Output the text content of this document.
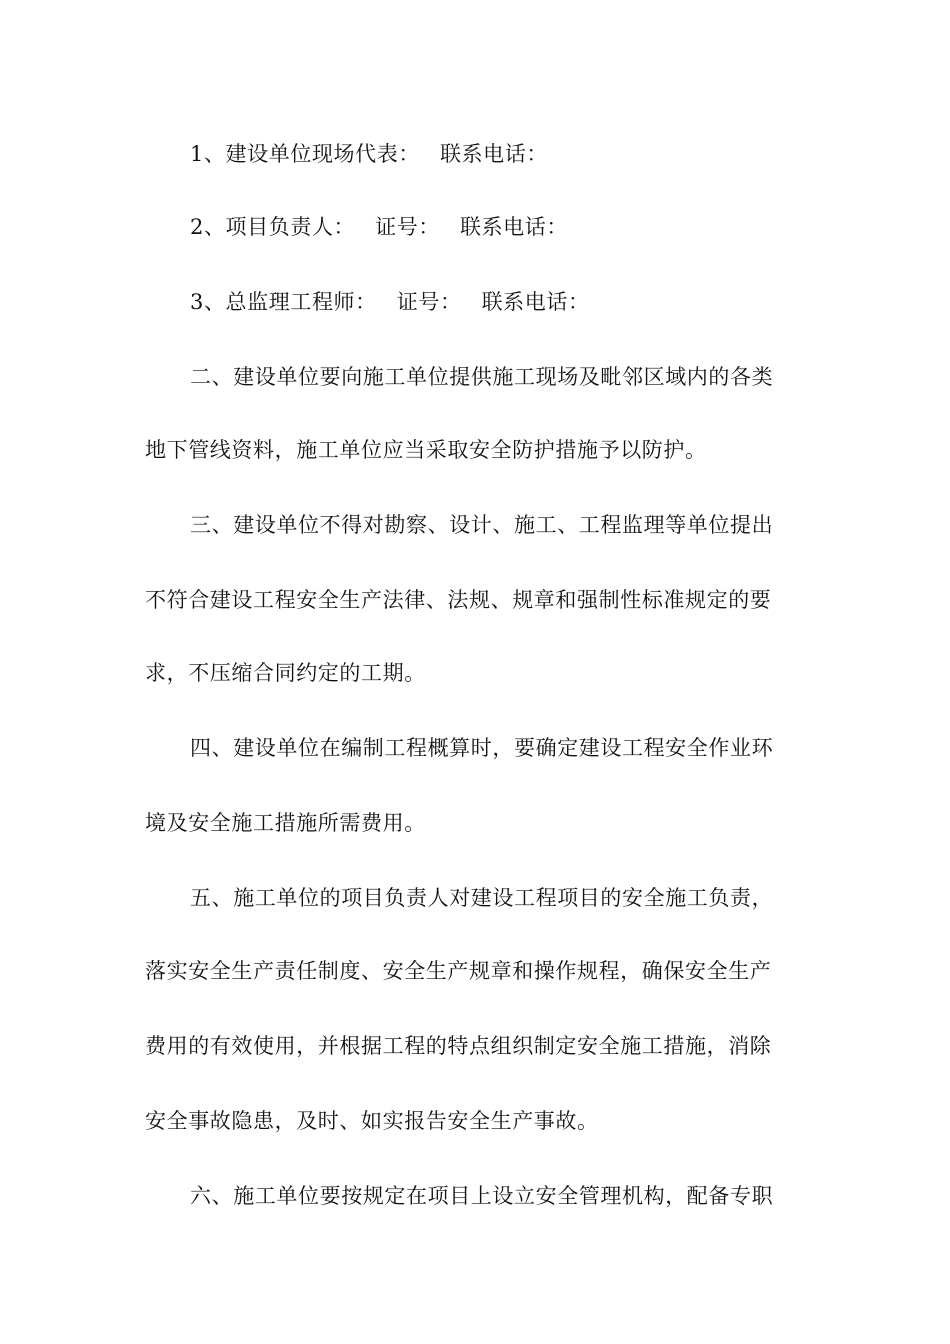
1、建设单位现场代表： 联系电话：
2、项目负责人： 证号： 联系电话：
3、总监理工程师： 证号： 联系电话：
二、建设单位要向施工单位提供施工现场及毗邻区域内的各类
地下管线资料，施工单位应当采取安全防护措施予以防护。
三、建设单位不得对勘察、设计、施工、工程监理等单位提出
不符合建设工程安全生产法律、法规、规章和强制性标准规定的要
求，不压缩合同约定的工期。
四、建设单位在编制工程概算时，要确定建设工程安全作业环
境及安全施工措施所需费用。
五、施工单位的项目负责人对建设工程项目的安全施工负责，
落实安全生产责任制度、安全生产规章和操作规程，确保安全生产
费用的有效使用，并根据工程的特点组织制定安全施工措施，消除
安全事故隐患，及时、如实报告安全生产事故。
六、施工单位要按规定在项目上设立安全管理机构，配备专职
